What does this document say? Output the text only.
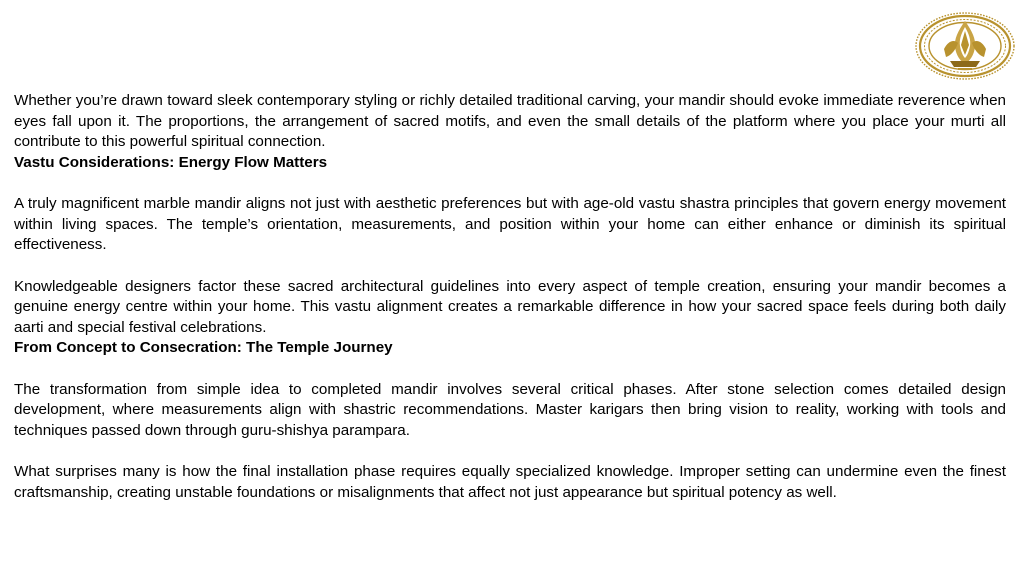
Whether you’re drawn toward sleek contemporary styling or richly detailed traditional carving, your mandir should evoke immediate reverence when eyes fall upon it. The proportions, the arrangement of sacred motifs, and even the small details of the platform where you place your murti all contribute to this powerful spiritual connection.

Vastu Considerations: Energy Flow Matters

A truly magnificent marble mandir aligns not just with aesthetic preferences but with age-old vastu shastra principles that govern energy movement within living spaces. The temple’s orientation, measurements, and position within your home can either enhance or diminish its spiritual effectiveness.

Knowledgeable designers factor these sacred architectural guidelines into every aspect of temple creation, ensuring your mandir becomes a genuine energy centre within your home. This vastu alignment creates a remarkable difference in how your sacred space feels during both daily aarti and special festival celebrations.

From Concept to Consecration: The Temple Journey

The transformation from simple idea to completed mandir involves several critical phases. After stone selection comes detailed design development, where measurements align with shastric recommendations. Master karigars then bring vision to reality, working with tools and techniques passed down through guru-shishya parampara.

What surprises many is how the final installation phase requires equally specialized knowledge. Improper setting can undermine even the finest craftsmanship, creating unstable foundations or misalignments that affect not just appearance but spiritual potency as well.
